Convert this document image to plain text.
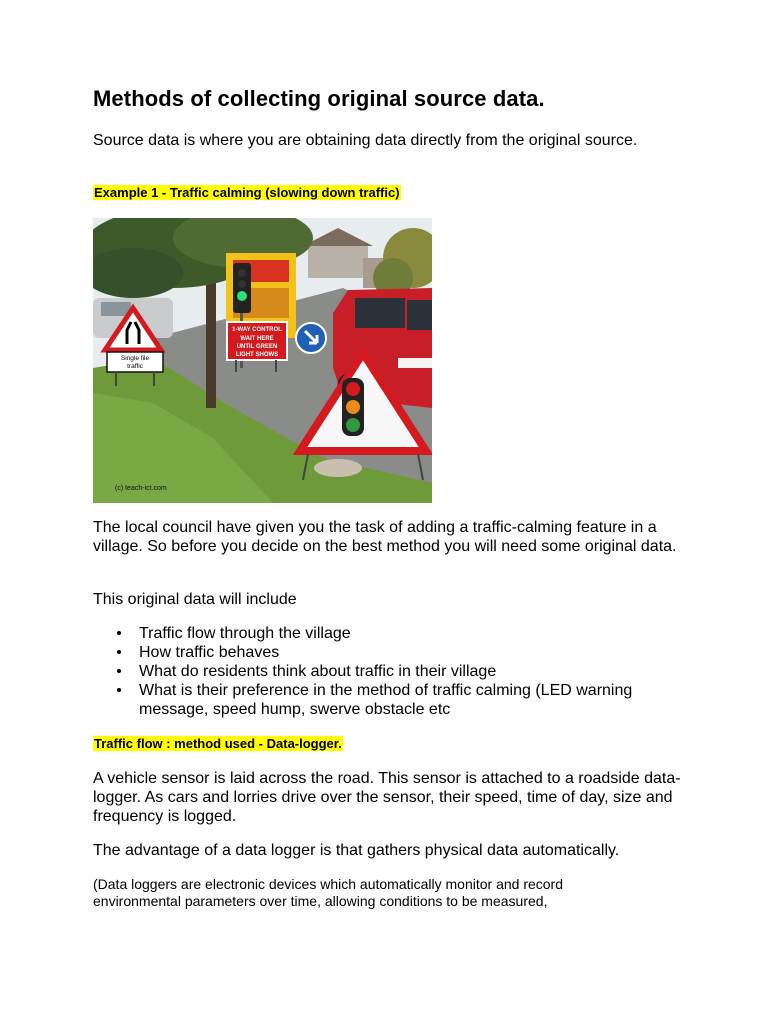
Methods of collecting original source data.

Source data is where you are obtaining data directly from the original source.

Example 1 - Traffic calming (slowing down traffic)

1-WAY CONTROL
WAIT HERE
UNTIL GREEN
LIGHT SHOWS
Single file
traffic
(c) teach-ict.com

The local council have given you the task of adding a traffic-calming feature in a village. So before you decide on the best method you will need some original data.

This original data will include

Traffic flow through the village
How traffic behaves
What do residents think about traffic in their village
What is their preference in the method of traffic calming (LED warning message, speed hump, swerve obstacle etc

Traffic flow : method used - Data-logger.

A vehicle sensor is laid across the road. This sensor is attached to a roadside data-logger. As cars and lorries drive over the sensor, their speed, time of day, size and frequency is logged.

The advantage of a data logger is that gathers physical data automatically.

(Data loggers are electronic devices which automatically monitor and record environmental parameters over time, allowing conditions to be measured,
